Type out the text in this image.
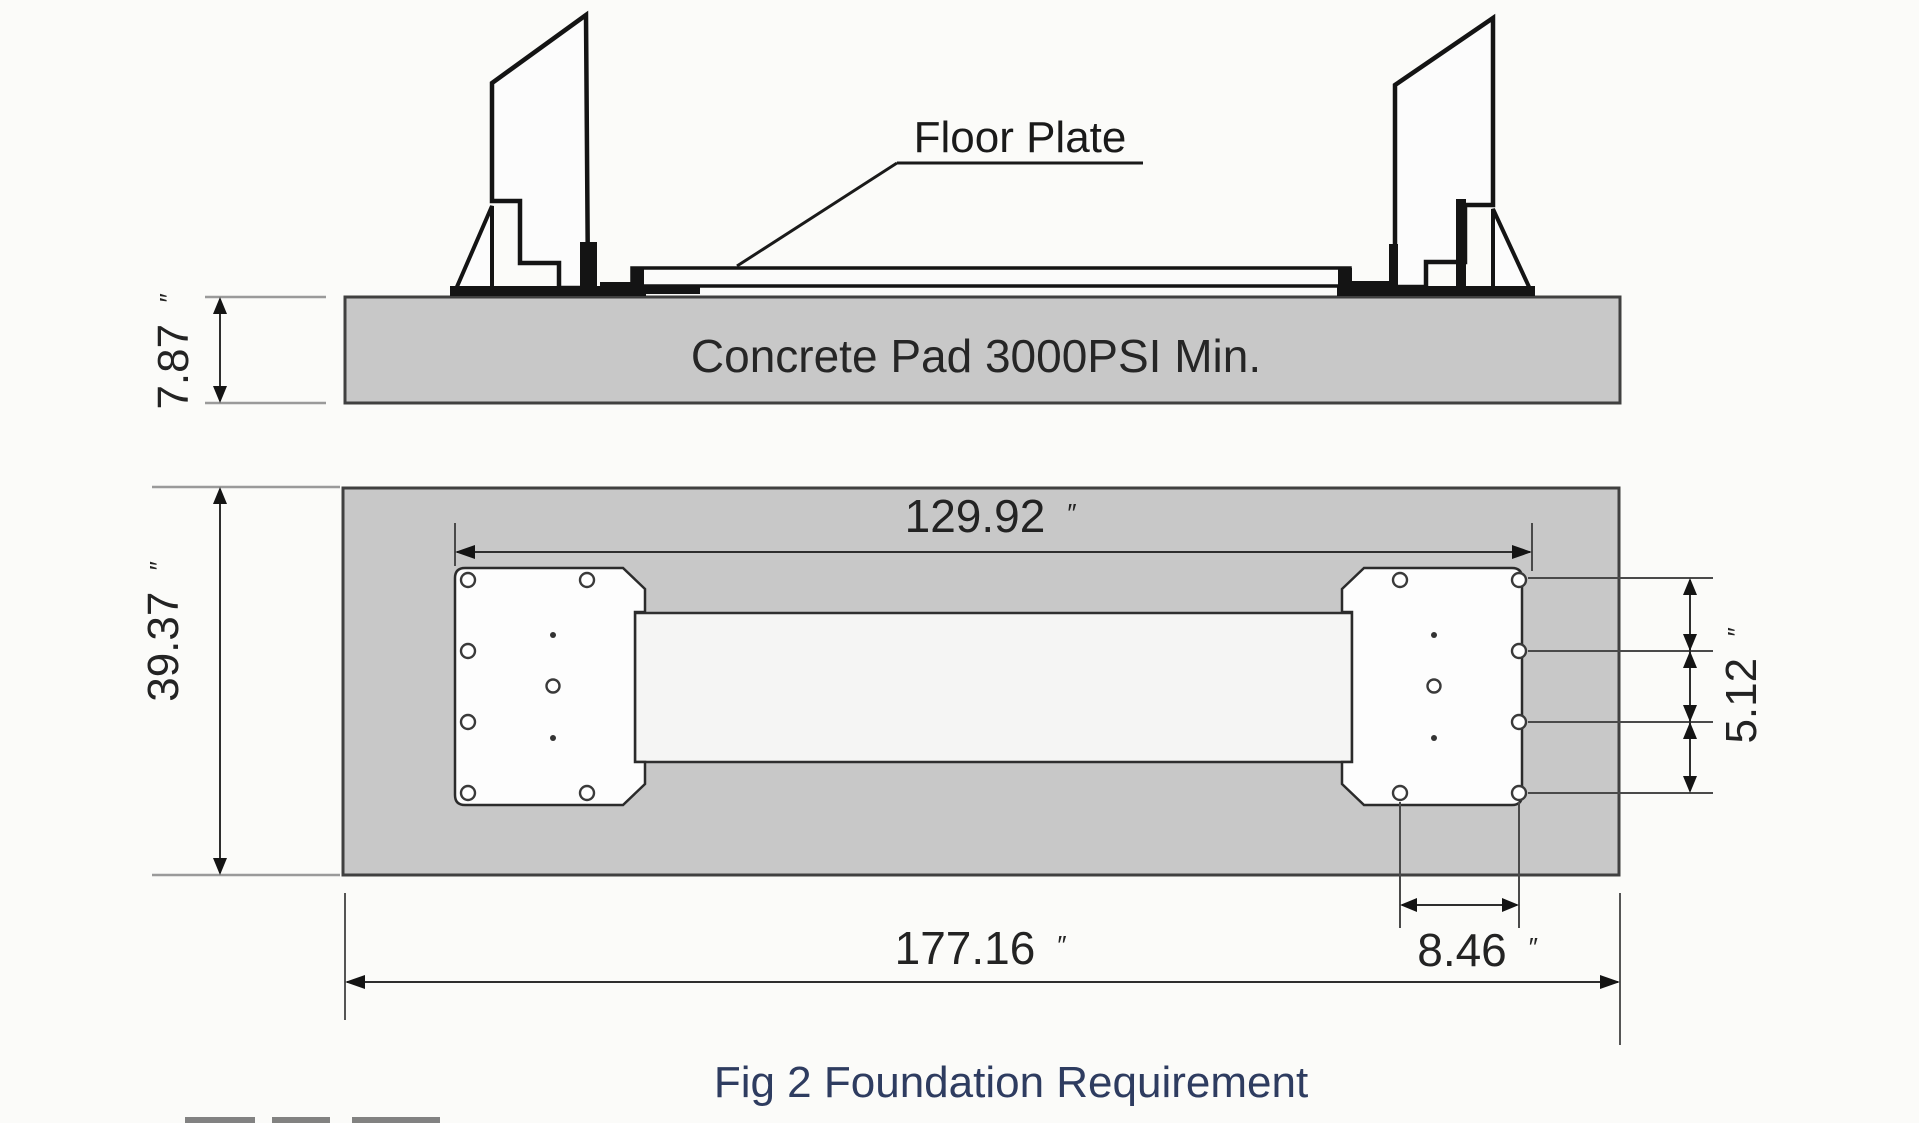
Concrete Pad 3000PSI Min.
Floor Plate
7.87 ″
129.92 ″
39.37 ″
5.12 ″
8.46 ″
177.16 ″
Fig 2 Foundation Requirement
